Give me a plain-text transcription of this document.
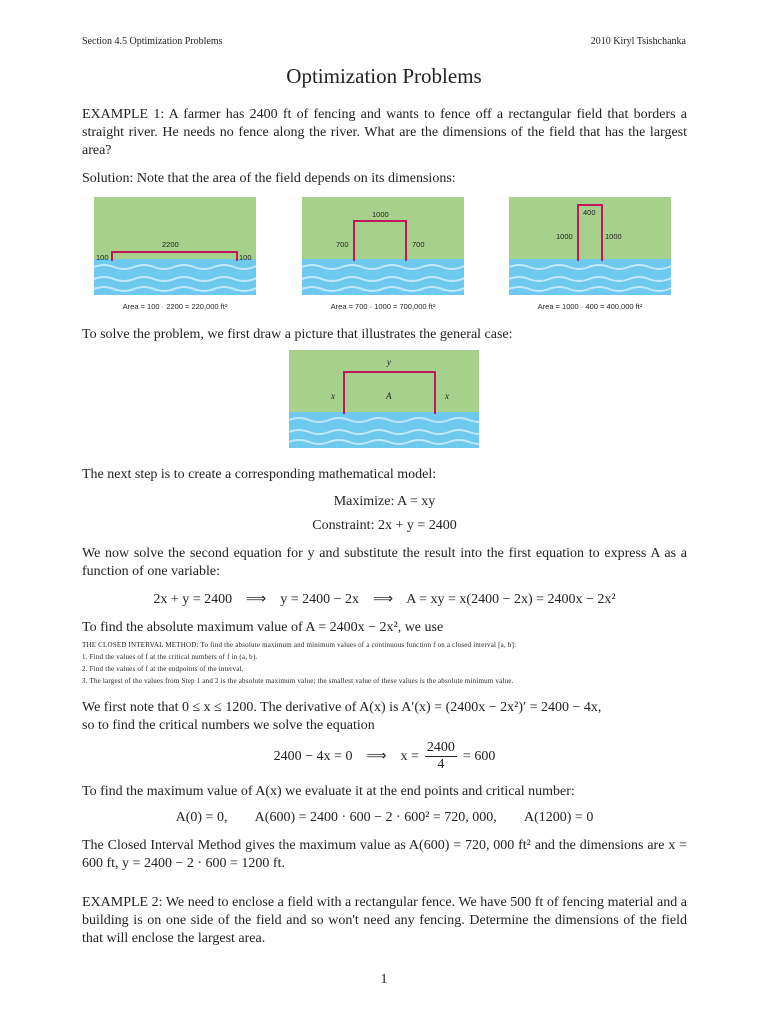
Section 4.5 Optimization Problems	2010 Kiryl Tsishchanka
Optimization Problems
EXAMPLE 1: A farmer has 2400 ft of fencing and wants to fence off a rectangular field that borders a straight river. He needs no fence along the river. What are the dimensions of the field that has the largest area?
Solution: Note that the area of the field depends on its dimensions:
100
2200
100
Area = 100 · 2200 = 220,000 ft²
1000
700	700
Area = 700 · 1000 = 700,000 ft²
400
1000	1000
Area = 1000 · 400 = 400,000 ft²
To solve the problem, we first draw a picture that illustrates the general case:
y
x	A	x
The next step is to create a corresponding mathematical model:
Maximize: A = xy
Constraint: 2x + y = 2400
We now solve the second equation for y and substitute the result into the first equation to express A as a function of one variable:
2x + y = 2400    ⟹    y = 2400 − 2x    ⟹    A = xy = x(2400 − 2x) = 2400x − 2x²
To find the absolute maximum value of A = 2400x − 2x², we use
THE CLOSED INTERVAL METHOD: To find the absolute maximum and minimum values of a continuous function f on a closed interval [a, b]:
1. Find the values of f at the critical numbers of f in (a, b).
2. Find the values of f at the endpoints of the interval.
3. The largest of the values from Step 1 and 2 is the absolute maximum value; the smallest value of these values is the absolute minimum value.
We first note that 0 ≤ x ≤ 1200. The derivative of A(x) is A′(x) = (2400x − 2x²)′ = 2400 − 4x,
so to find the critical numbers we solve the equation
2400 − 4x = 0    ⟹    $x = \frac{2400}{4} = 600$
To find the maximum value of A(x) we evaluate it at the end points and critical number:
A(0) = 0,        A(600) = 2400 · 600 − 2 · 600² = 720, 000,        A(1200) = 0
The Closed Interval Method gives the maximum value as A(600) = 720, 000 ft² and the dimensions are x = 600 ft, y = 2400 − 2 · 600 = 1200 ft.
EXAMPLE 2: We need to enclose a field with a rectangular fence. We have 500 ft of fencing material and a building is on one side of the field and so won't need any fencing. Determine the dimensions of the field that will enclose the largest area.
1
